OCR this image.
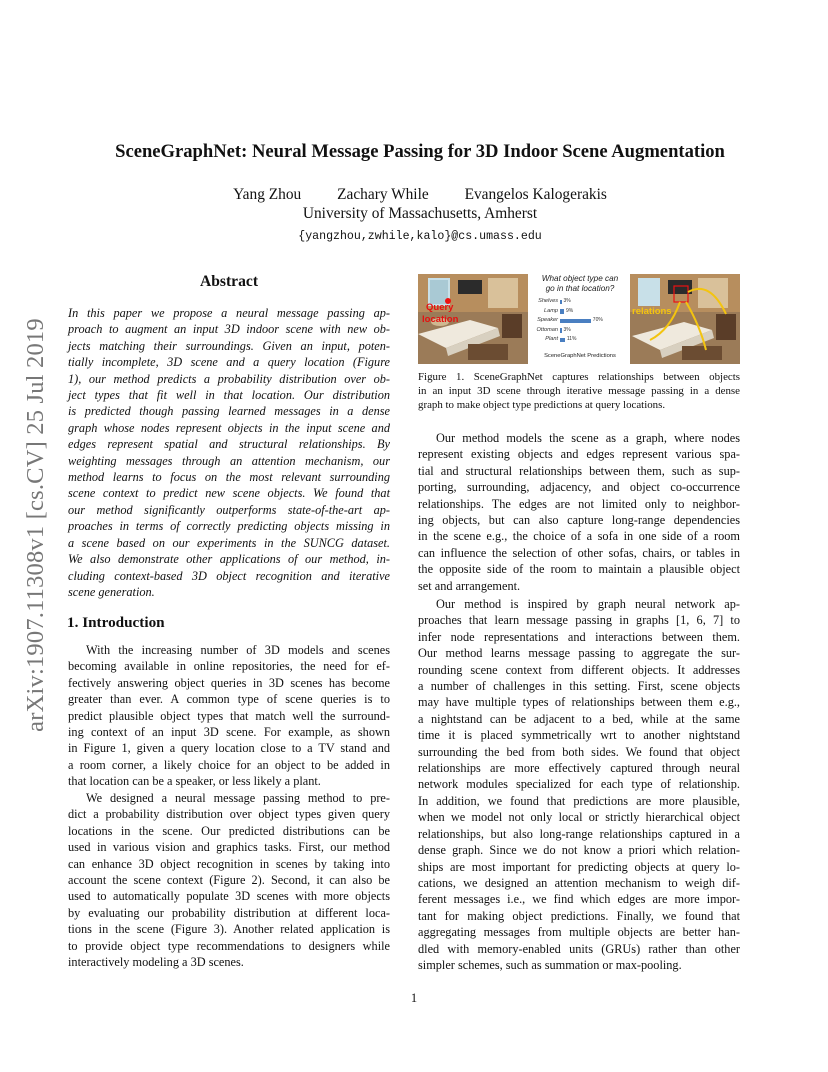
arXiv:1907.11308v1 [cs.CV] 25 Jul 2019
SceneGraphNet: Neural Message Passing for 3D Indoor Scene Augmentation
Yang Zhou Zachary While Evangelos Kalogerakis
University of Massachusetts, Amherst
{yangzhou,zwhile,kalo}@cs.umass.edu
Abstract
In this paper we propose a neural message passing ap-
proach to augment an input 3D indoor scene with new ob-
jects matching their surroundings. Given an input, poten-
tially incomplete, 3D scene and a query location (Figure
1), our method predicts a probability distribution over ob-
ject types that fit well in that location. Our distribution
is predicted though passing learned messages in a dense
graph whose nodes represent objects in the input scene and
edges represent spatial and structural relationships. By
weighting messages through an attention mechanism, our
method learns to focus on the most relevant surrounding
scene context to predict new scene objects. We found that
our method significantly outperforms state-of-the-art ap-
proaches in terms of correctly predicting objects missing in
a scene based on our experiments in the SUNCG dataset.
We also demonstrate other applications of our method, in-
cluding context-based 3D object recognition and iterative
scene generation.
1. Introduction
With the increasing number of 3D models and scenes
becoming available in online repositories, the need for ef-
fectively answering object queries in 3D scenes has become
greater than ever. A common type of scene queries is to
predict plausible object types that match well the surround-
ing context of an input 3D scene. For example, as shown
in Figure 1, given a query location close to a TV stand and
a room corner, a likely choice for an object to be added in
that location can be a speaker, or less likely a plant.
We designed a neural message passing method to pre-
dict a probability distribution over object types given query
locations in the scene. Our predicted distributions can be
used in various vision and graphics tasks. First, our method
can enhance 3D object recognition in scenes by taking into
account the scene context (Figure 2). Second, it can also be
used to automatically populate 3D scenes with more objects
by evaluating our probability distribution at different loca-
tions in the scene (Figure 3). Another related application is
to provide object type recommendations to designers while
interactively modeling a 3D scenes.
Query
location
What object type can
go in that location?
Shelves 3%
Lamp 9%
Speaker	70%
Ottoman 3%
Plant 11%
SceneGraphNet Predictions
relations
Figure 1. SceneGraphNet captures relationships between objects
in an input 3D scene through iterative message passing in a dense
graph to make object type predictions at query locations.
Our method models the scene as a graph, where nodes
represent existing objects and edges represent various spa-
tial and structural relationships between them, such as sup-
porting, surrounding, adjacency, and object co-occurrence
relationships. The edges are not limited only to neighbor-
ing objects, but can also capture long-range dependencies
in the scene e.g., the choice of a sofa in one side of a room
can influence the selection of other sofas, chairs, or tables in
the opposite side of the room to maintain a plausible object
set and arrangement.
Our method is inspired by graph neural network ap-
proaches that learn message passing in graphs [1, 6, 7] to
infer node representations and interactions between them.
Our method learns message passing to aggregate the sur-
rounding scene context from different objects. It addresses
a number of challenges in this setting. First, scene objects
may have multiple types of relationships between them e.g.,
a nightstand can be adjacent to a bed, while at the same
time it is placed symmetrically wrt to another nightstand
surrounding the bed from both sides. We found that object
relationships are more effectively captured through neural
network modules specialized for each type of relationship.
In addition, we found that predictions are more plausible,
when we model not only local or strictly hierarchical object
relationships, but also long-range relationships captured in a
dense graph. Since we do not know a priori which relation-
ships are most important for predicting objects at query lo-
cations, we designed an attention mechanism to weigh dif-
ferent messages i.e., we find which edges are more impor-
tant for making object predictions. Finally, we found that
aggregating messages from multiple objects are better han-
dled with memory-enabled units (GRUs) rather than other
simpler schemes, such as summation or max-pooling.
1
